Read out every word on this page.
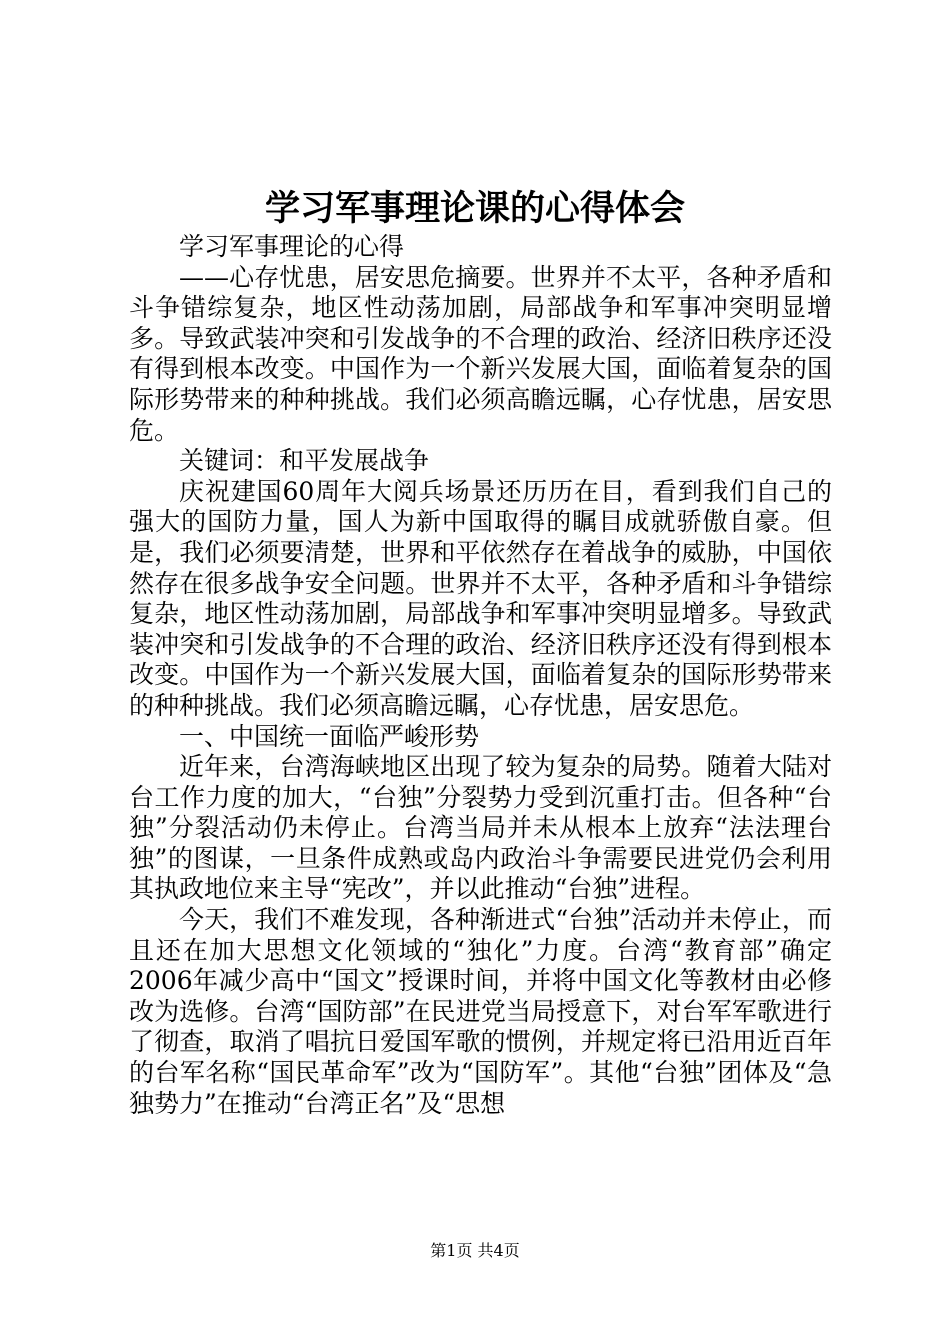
学习军事理论课的心得体会

学习军事理论的心得

——心存忧患，居安思危摘要。世界并不太平，各种矛盾和斗争错综复杂，地区性动荡加剧，局部战争和军事冲突明显增多。导致武装冲突和引发战争的不合理的政治、经济旧秩序还没有得到根本改变。中国作为一个新兴发展大国，面临着复杂的国际形势带来的种种挑战。我们必须高瞻远瞩，心存忧患，居安思危。

关键词：和平发展战争

庆祝建国60周年大阅兵场景还历历在目，看到我们自己的强大的国防力量，国人为新中国取得的瞩目成就骄傲自豪。但是，我们必须要清楚，世界和平依然存在着战争的威胁，中国依然存在很多战争安全问题。世界并不太平，各种矛盾和斗争错综复杂，地区性动荡加剧，局部战争和军事冲突明显增多。导致武装冲突和引发战争的不合理的政治、经济旧秩序还没有得到根本改变。中国作为一个新兴发展大国，面临着复杂的国际形势带来的种种挑战。我们必须高瞻远瞩，心存忧患，居安思危。

一、中国统一面临严峻形势

近年来，台湾海峡地区出现了较为复杂的局势。随着大陆对台工作力度的加大，“台独”分裂势力受到沉重打击。但各种“台独”分裂活动仍未停止。台湾当局并未从根本上放弃“法法理台独”的图谋，一旦条件成熟或岛内政治斗争需要民进党仍会利用其执政地位来主导“宪改”，并以此推动“台独”进程。

今天，我们不难发现，各种渐进式“台独”活动并未停止，而且还在加大思想文化领域的“独化”力度。台湾“教育部”确定2006年减少高中“国文”授课时间，并将中国文化等教材由必修改为选修。台湾“国防部”在民进党当局授意下，对台军军歌进行了彻查，取消了唱抗日爱国军歌的惯例，并规定将已沿用近百年的台军名称“国民革命军”改为“国防军”。其他“台独”团体及“急独势力”在推动“台湾正名”及“思想

第1页 共4页
